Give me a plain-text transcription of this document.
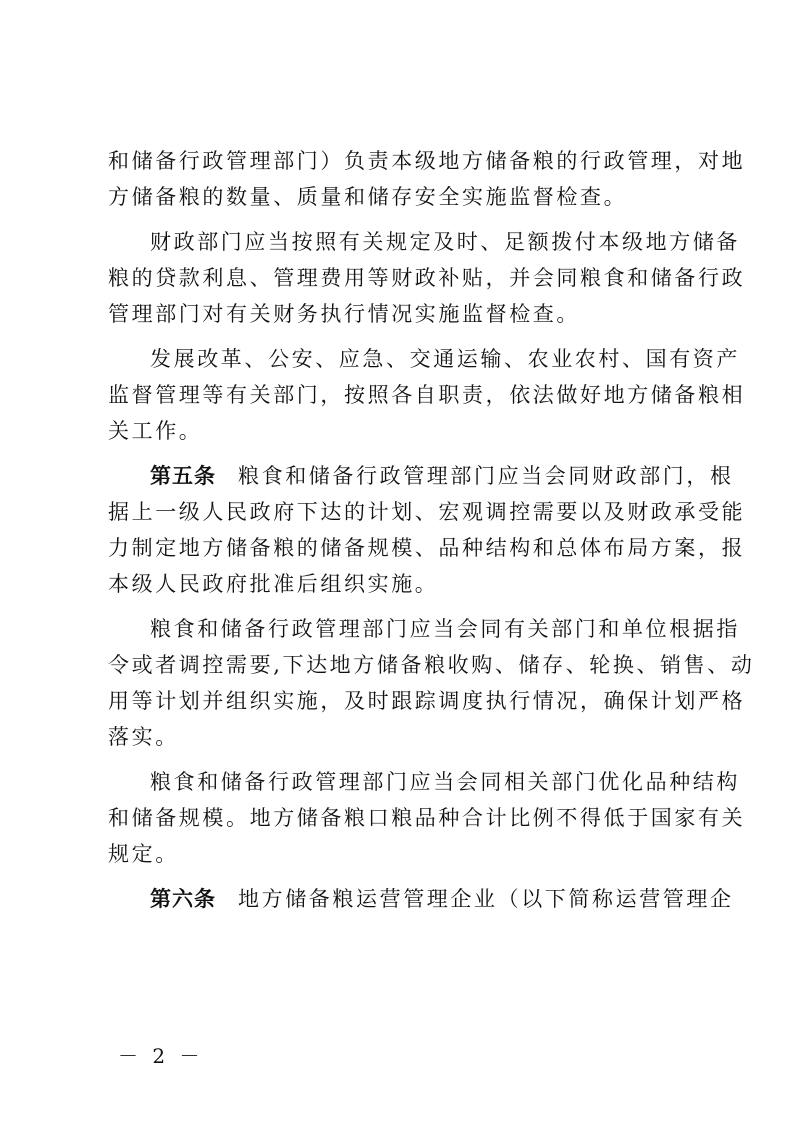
和储备行政管理部门）负责本级地方储备粮的行政管理，对地
方储备粮的数量、质量和储存安全实施监督检查。
财政部门应当按照有关规定及时、足额拨付本级地方储备
粮的贷款利息、管理费用等财政补贴，并会同粮食和储备行政
管理部门对有关财务执行情况实施监督检查。
发展改革、公安、应急、交通运输、农业农村、国有资产
监督管理等有关部门，按照各自职责，依法做好地方储备粮相
关工作。
第五条 粮食和储备行政管理部门应当会同财政部门，根
据上一级人民政府下达的计划、宏观调控需要以及财政承受能
力制定地方储备粮的储备规模、品种结构和总体布局方案，报
本级人民政府批准后组织实施。
粮食和储备行政管理部门应当会同有关部门和单位根据指
令或者调控需要,下达地方储备粮收购、储存、轮换、销售、动
用等计划并组织实施，及时跟踪调度执行情况，确保计划严格
落实。
粮食和储备行政管理部门应当会同相关部门优化品种结构
和储备规模。地方储备粮口粮品种合计比例不得低于国家有关
规定。
第六条 地方储备粮运营管理企业（以下简称运营管理企
－ 2 －
